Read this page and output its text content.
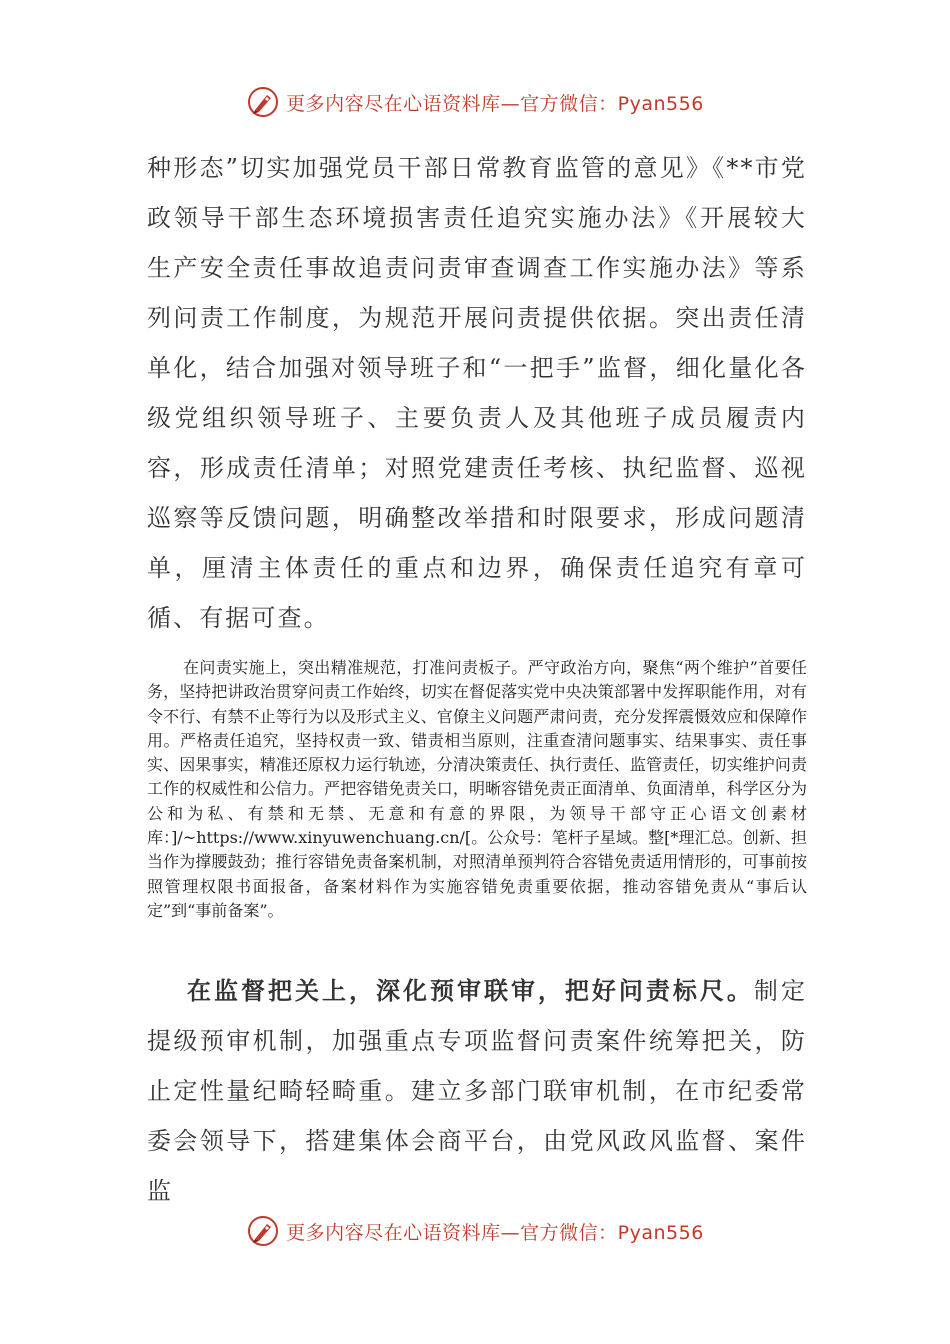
更多内容尽在心语资料库—官方微信：Pyan556
种形态”切实加强党员干部日常教育监管的意见》《**市党政领导干部生态环境损害责任追究实施办法》《开展较大生产安全责任事故追责问责审查调查工作实施办法》等系列问责工作制度，为规范开展问责提供依据。突出责任清单化，结合加强对领导班子和“一把手”监督，细化量化各级党组织领导班子、主要负责人及其他班子成员履责内容，形成责任清单；对照党建责任考核、执纪监督、巡视巡察等反馈问题，明确整改举措和时限要求，形成问题清单，厘清主体责任的重点和边界，确保责任追究有章可循、有据可查。
在问责实施上，突出精准规范，打准问责板子。严守政治方向，聚焦“两个维护”首要任务，坚持把讲政治贯穿问责工作始终，切实在督促落实党中央决策部署中发挥职能作用，对有令不行、有禁不止等行为以及形式主义、官僚主义问题严肃问责，充分发挥震慑效应和保障作用。严格责任追究，坚持权责一致、错责相当原则，注重查清问题事实、结果事实、责任事实、因果事实，精准还原权力运行轨迹，分清决策责任、执行责任、监管责任，切实维护问责工作的权威性和公信力。严把容错免责关口，明晰容错免责正面清单、负面清单，科学区分为公和为私、有禁和无禁、无意和有意的界限，为领导干部守正心语文创素材库：]/~https://www.xinyuwenchuang.cn/[。公众号：笔杆子星域。整[*理汇总。创新、担当作为撑腰鼓劲；推行容错免责备案机制，对照清单预判符合容错免责适用情形的，可事前按照管理权限书面报备，备案材料作为实施容错免责重要依据，推动容错免责从“事后认定”到“事前备案”。
在监督把关上，深化预审联审，把好问责标尺。制定提级预审机制，加强重点专项监督问责案件统筹把关，防止定性量纪畸轻畸重。建立多部门联审机制，在市纪委常委会领导下，搭建集体会商平台，由党风政风监督、案件监
更多内容尽在心语资料库—官方微信：Pyan556
